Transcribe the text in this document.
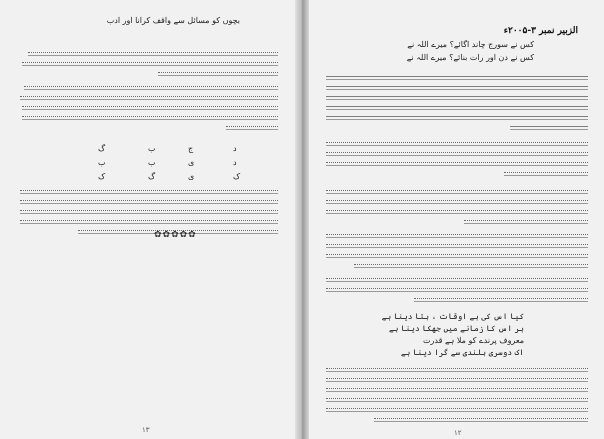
بچوں کو مسائل سے واقف کرانا اور ادب
گ	ب	ج	د
ب	ب	ی	د
ک	گ	ی	ک
✿✿✿✿✿
۱۳
الزبیر نمبر ۳-۲۰۰۵ء
کس نے سورج چاند اگائے؟ میرے اللہ نے
کس نے دن اور رات بنائے؟ میرے اللہ نے
کیا اس کی ہے اوقات ، بتا دینا ہے
ہر اس کا زمانے میں جھکا دینا ہے
معروف پرندے کو ملا ہے قدرت
اک دوسری بلندی سے گرا دینا ہے
۱۲
